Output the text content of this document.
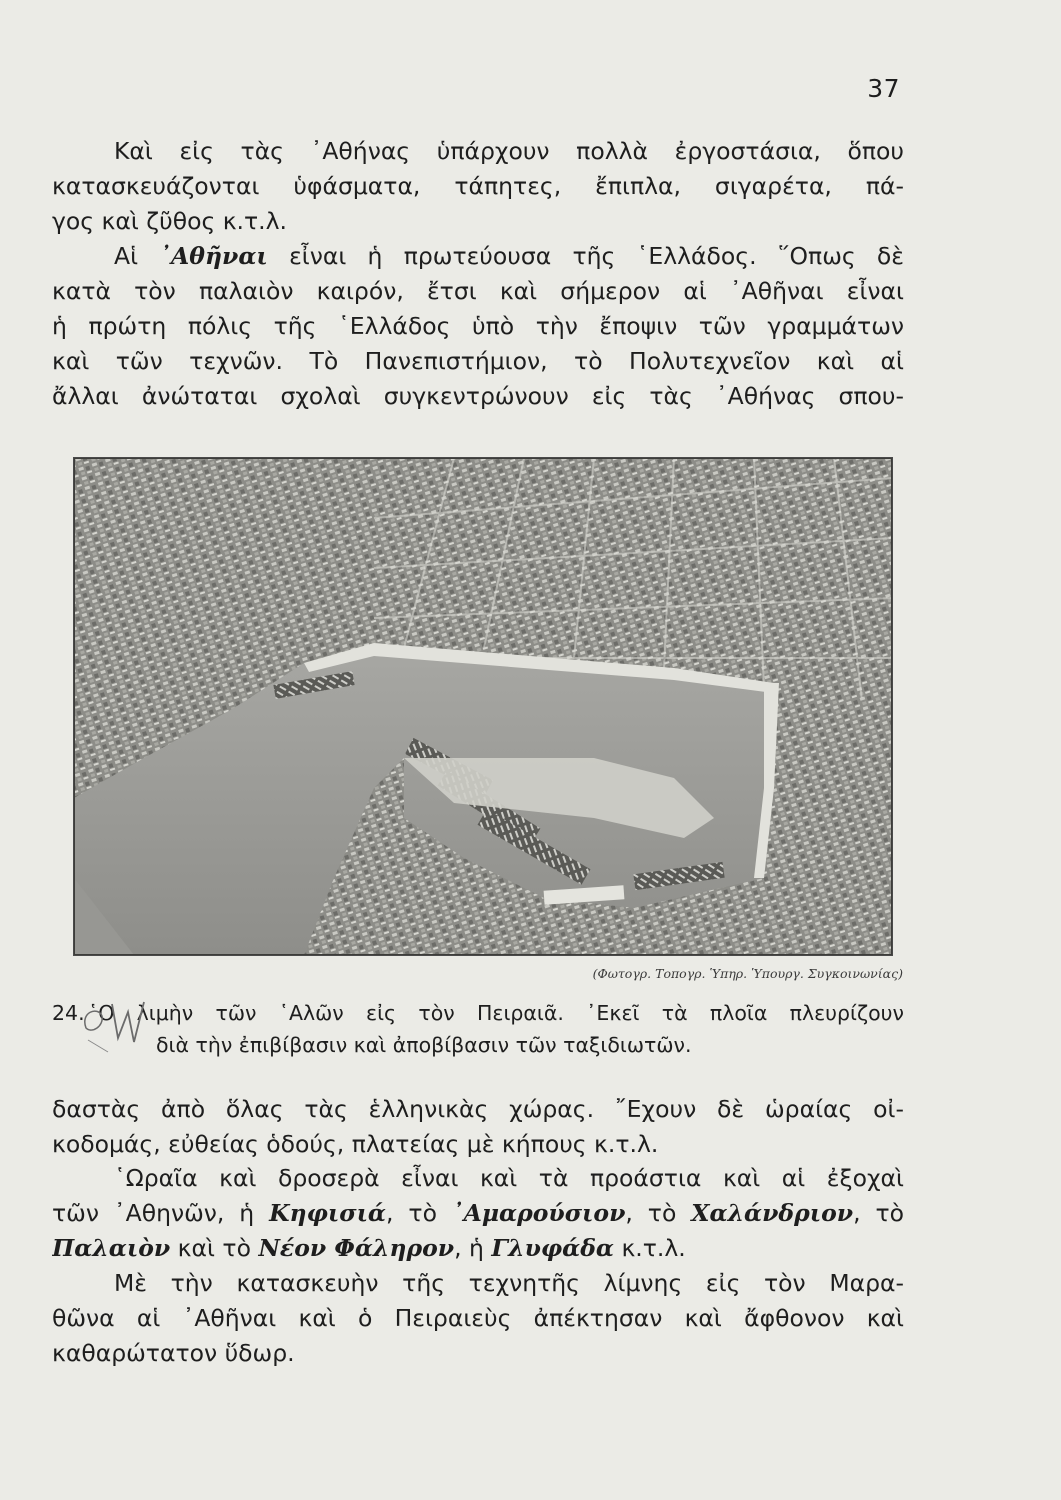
37
Καὶ εἰς τὰς ᾿Αθήνας ὑπάρχουν πολλὰ ἐργοστάσια, ὅπου
κατασκευάζονται ὑφάσματα, τάπητες, ἔπιπλα, σιγαρέτα, πά-
γος καὶ ζῦθος κ.τ.λ.
Αἱ ᾿Αθῆναι εἶναι ἡ πρωτεύουσα τῆς ῾Ελλάδος. ῞Οπως δὲ
κατὰ τὸν παλαιὸν καιρόν, ἔτσι καὶ σήμερον αἱ ᾿Αθῆναι εἶναι
ἡ πρώτη πόλις τῆς ῾Ελλάδος ὑπὸ τὴν ἔποψιν τῶν γραμμάτων
καὶ τῶν τεχνῶν. Τὸ Πανεπιστήμιον, τὸ Πολυτεχνεῖον καὶ αἱ
ἄλλαι ἀνώταται σχολαὶ συγκεντρώνουν εἰς τὰς ᾿Αθήνας σπου-
(Φωτογρ. Τοπογρ. Ὑπηρ. Ὑπουργ. Συγκοινωνίας)
24. ῾Ο λιμὴν τῶν ῾Αλῶν εἰς τὸν Πειραιᾶ. ᾿Εκεῖ τὰ πλοῖα πλευρίζουν
διὰ τὴν ἐπιβίβασιν καὶ ἀποβίβασιν τῶν ταξιδιωτῶν.
δαστὰς ἀπὸ ὅλας τὰς ἑλληνικὰς χώρας. ῎Εχουν δὲ ὡραίας οἰ-
κοδομάς, εὐθείας ὁδούς, πλατείας μὲ κήπους κ.τ.λ.
῾Ωραῖα καὶ δροσερὰ εἶναι καὶ τὰ προάστια καὶ αἱ ἐξοχαὶ
τῶν ᾿Αθηνῶν, ἡ Κηφισιά, τὸ ᾿Αμαρούσιον, τὸ Χαλάνδριον, τὸ
Παλαιὸν καὶ τὸ Νέον Φάληρον, ἡ Γλυφάδα κ.τ.λ.
Μὲ τὴν κατασκευὴν τῆς τεχνητῆς λίμνης εἰς τὸν Μαρα-
θῶνα αἱ ᾿Αθῆναι καὶ ὁ Πειραιεὺς ἀπέκτησαν καὶ ἄφθονον καὶ
καθαρώτατον ὕδωρ.
